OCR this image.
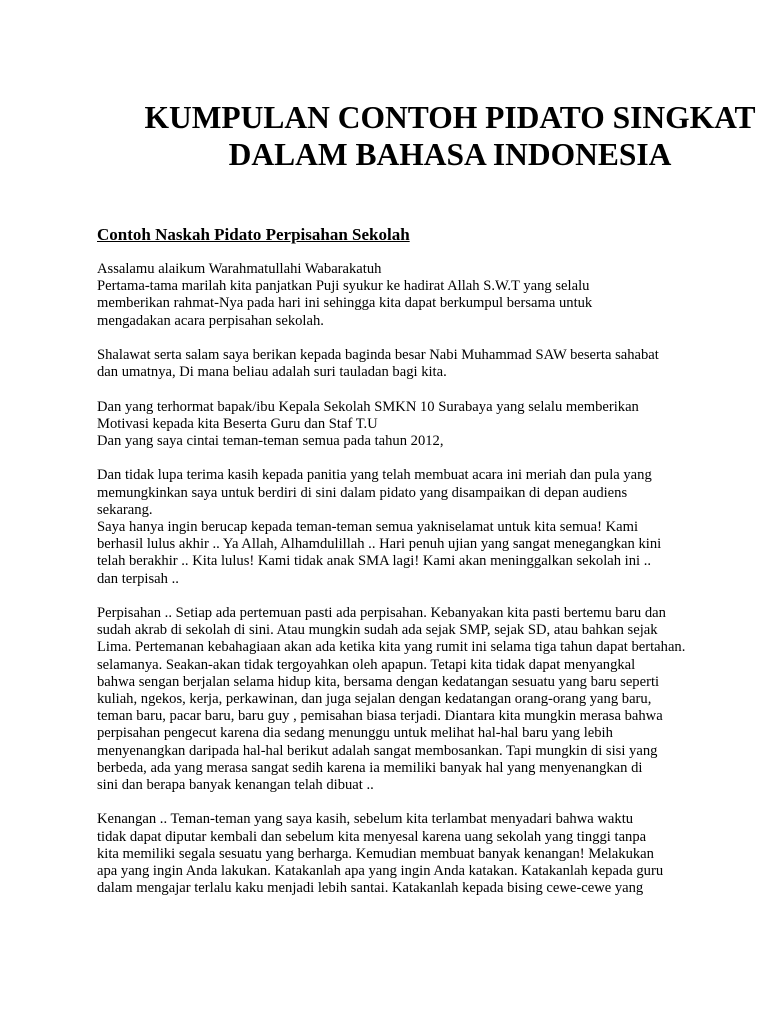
KUMPULAN CONTOH PIDATO SINGKAT
DALAM BAHASA INDONESIA
Contoh Naskah Pidato Perpisahan Sekolah

Assalamu alaikum Warahmatullahi Wabarakatuh
Pertama-tama marilah kita panjatkan Puji syukur ke hadirat Allah S.W.T yang selalu
memberikan rahmat-Nya pada hari ini sehingga kita dapat berkumpul bersama untuk
mengadakan acara perpisahan sekolah.

Shalawat serta salam saya berikan kepada baginda besar Nabi Muhammad SAW beserta sahabat
dan umatnya, Di mana beliau adalah suri tauladan bagi kita.

Dan yang terhormat bapak/ibu Kepala Sekolah SMKN 10 Surabaya yang selalu memberikan
Motivasi kepada kita Beserta Guru dan Staf T.U
Dan yang saya cintai teman-teman semua pada tahun 2012,

Dan tidak lupa terima kasih kepada panitia yang telah membuat acara ini meriah dan pula yang
memungkinkan saya untuk berdiri di sini dalam pidato yang disampaikan di depan audiens
sekarang.
Saya hanya ingin berucap kepada teman-teman semua yakniselamat untuk kita semua! Kami
berhasil lulus akhir .. Ya Allah, Alhamdulillah .. Hari penuh ujian yang sangat menegangkan kini
telah berakhir .. Kita lulus! Kami tidak anak SMA lagi! Kami akan meninggalkan sekolah ini ..
dan terpisah ..

Perpisahan .. Setiap ada pertemuan pasti ada perpisahan. Kebanyakan kita pasti bertemu baru dan
sudah akrab di sekolah di sini. Atau mungkin sudah ada sejak SMP, sejak SD, atau bahkan sejak
Lima. Pertemanan kebahagiaan akan ada ketika kita yang rumit ini selama tiga tahun dapat bertahan.
selamanya. Seakan-akan tidak tergoyahkan oleh apapun. Tetapi kita tidak dapat menyangkal
bahwa sengan berjalan selama hidup kita, bersama dengan kedatangan sesuatu yang baru seperti
kuliah, ngekos, kerja, perkawinan, dan juga sejalan dengan kedatangan orang-orang yang baru,
teman baru, pacar baru, baru guy , pemisahan biasa terjadi. Diantara kita mungkin merasa bahwa
perpisahan pengecut karena dia sedang menunggu untuk melihat hal-hal baru yang lebih
menyenangkan daripada hal-hal berikut adalah sangat membosankan. Tapi mungkin di sisi yang
berbeda, ada yang merasa sangat sedih karena ia memiliki banyak hal yang menyenangkan di
sini dan berapa banyak kenangan telah dibuat ..

Kenangan .. Teman-teman yang saya kasih, sebelum kita terlambat menyadari bahwa waktu
tidak dapat diputar kembali dan sebelum kita menyesal karena uang sekolah yang tinggi tanpa
kita memiliki segala sesuatu yang berharga. Kemudian membuat banyak kenangan! Melakukan
apa yang ingin Anda lakukan. Katakanlah apa yang ingin Anda katakan. Katakanlah kepada guru
dalam mengajar terlalu kaku menjadi lebih santai. Katakanlah kepada bising cewe-cewe yang
